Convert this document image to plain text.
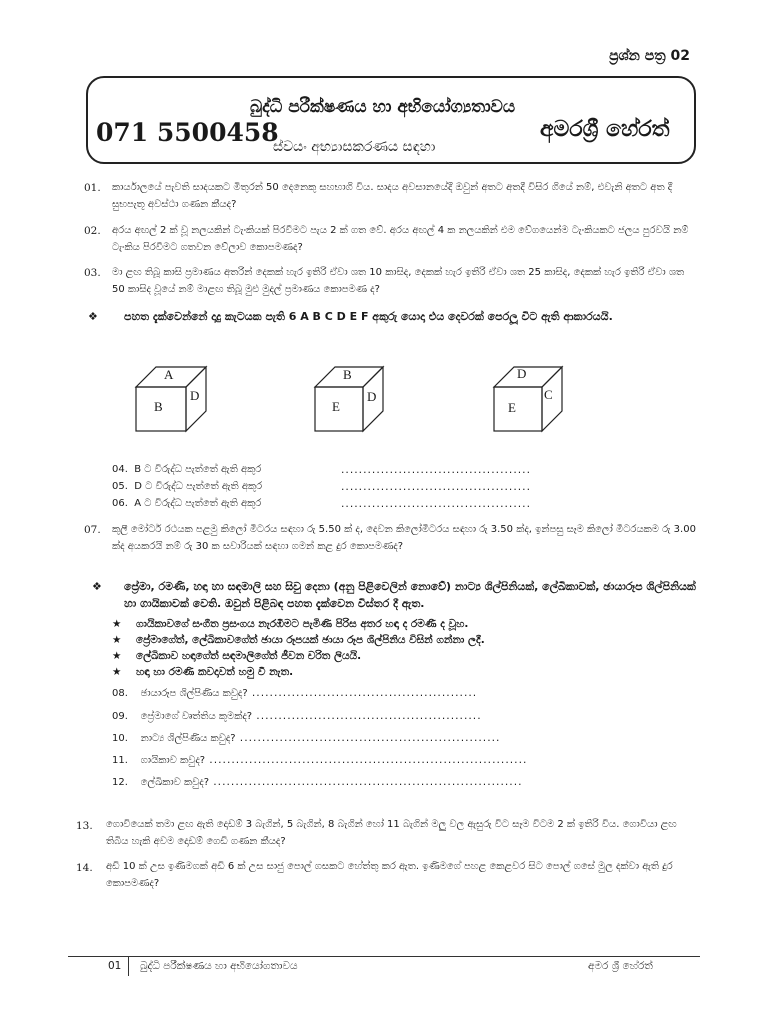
ප්‍රශ්න පත්‍ර 02
බුද්ධි පරීක්ෂණය හා අභියෝග්‍යතාවය
071 5500458
ස්වයං අභ්‍යාසකරණය සඳහා
අමරශ්‍රී හේරත්
01. කාර්යාලයේ පැවති සාදයකට මිතුරන් 50 දෙනෙකු සහභාගි විය. සාදය අවසානයේදී ඔවුන් අතට අතදී විසිර ගියේ නම්, එවැනි අතට අත දී සුභපැතූ අවස්ථා ගණන කීයද?
02. අරය අඟල් 2 ක් වූ නලයකින් ටැංකියක් පිරවීමට පැය 2 ක් ගත වේ. අරය අඟල් 4 ක නලයකින් එම වේගයෙන්ම ටැංකියකට ජලය පුරවයි නම් ටැංකිය පිරවීමට ගතවන වේලාව කොපමණද?
03. මා ළඟ තිබූ කාසි ප්‍රමාණය අතරින් දෙකක් හැර ඉතිරි ඒවා ශත 10 කාසිද, දෙකක් හැර ඉතිරි ඒවා ශත 25 කාසිද, දෙකක් හැර ඉතිරි ඒවා ශත 50 කාසිද වූයේ නම් මාළඟ තිබූ මුළු මුදල් ප්‍රමාණය කොපමණ ද?
❖ පහත දැක්වෙන්නේ දාදු කැටයක පැති 6 A B C D E F අකුරු යොදා එය දෙවරක් පෙරලූ විට ඇති ආකාරයයි.
A
B
D
B
E
D
D
E
C
04. B ට විරුද්ධ පැත්තේ ඇති අකුර	...........................................
05. D ට විරුද්ධ පැත්තේ ඇති අකුර	...........................................
06. A ට විරුද්ධ පැත්තේ ඇති අකුර	...........................................
07. කුලී මෝටර් රථයක පළමු කිලෝ මීටරය සඳහා රු 5.50 ක් ද, දෙවන කිලෝමීටරය සඳහා රු 3.50 ක්ද, ඉන්පසු සෑම කිලෝ මීටරයකම රු 3.00 ක්ද අයකරයි නම් රු 30 ක සවාරියක් සඳහා ගමන් කළ දුර කොපමණද?
❖ ප්‍රේමා, රමණි, හඳා හා සඳමාලි සහ සිවු දෙනා (අනු පිළිවෙලින් නොවේ) නාට්‍ය ශිල්පිනියක්, ලේඛිකාවක්, ඡායාරූප ශිල්පිනියක් හා ගායිකාවක් වෙති. ඔවුන් පිළිබඳ පහත දැක්වෙන විස්තර දී ඇත.
★ ගායිකාවගේ සංගීත ප්‍රසංගය නැරඹීමට පැමිණි පිරිස අතර හඳා ද රමණී ද වූහ.
★ ප්‍රේමාගේත්, ලේඛිකාවගේත් ඡායා රූපයක් ඡායා රූප ශිල්පිනිය විසින් ගන්නා ලදී.
★ ලේඛිකාව හඳාගේත් සඳමාලිගේත් ජීවන චරිත ලියයි.
★ හඳා හා රමණි කවදාවත් හමු වී නැත.
08. ඡායාරූප ශිල්පිණිය කවුද? ...................................................
09. ප්‍රේමාගේ වෘත්තිය කුමක්ද? ...................................................
10. නාට්‍ය ශිල්පිණිය කවුද? ...........................................................
11. ගායිකාව කවුද? ........................................................................
12. ලේඛිකාව කවුද? ......................................................................
13. ගොවියෙක් තමා ළඟ ඇති දොඩම් 3 බැගින්, 5 බැගින්, 8 බැගින් හෝ 11 බැගින් මලු වල ඇසුරු විට සෑම විටම 2 ක් ඉතිරි විය. ගොවියා ළඟ තිබිය හැකි අවම දොඩම් ගෙඩි ගණන කීයද?
14. අඩි 10 ක් උස ඉණිමගක් අඩි 6 ක් උස සාජු පොල් ගසකට හේත්තු කර ඇත. ඉණිමගේ පහළ කෙළවර සිට පොල් ගසේ මුල දක්වා ඇති දුර කොපමණද?
01 බුද්ධි පරීක්ෂණය හා අභියෝගතාවය	අමර ශ්‍රී හේරත්
